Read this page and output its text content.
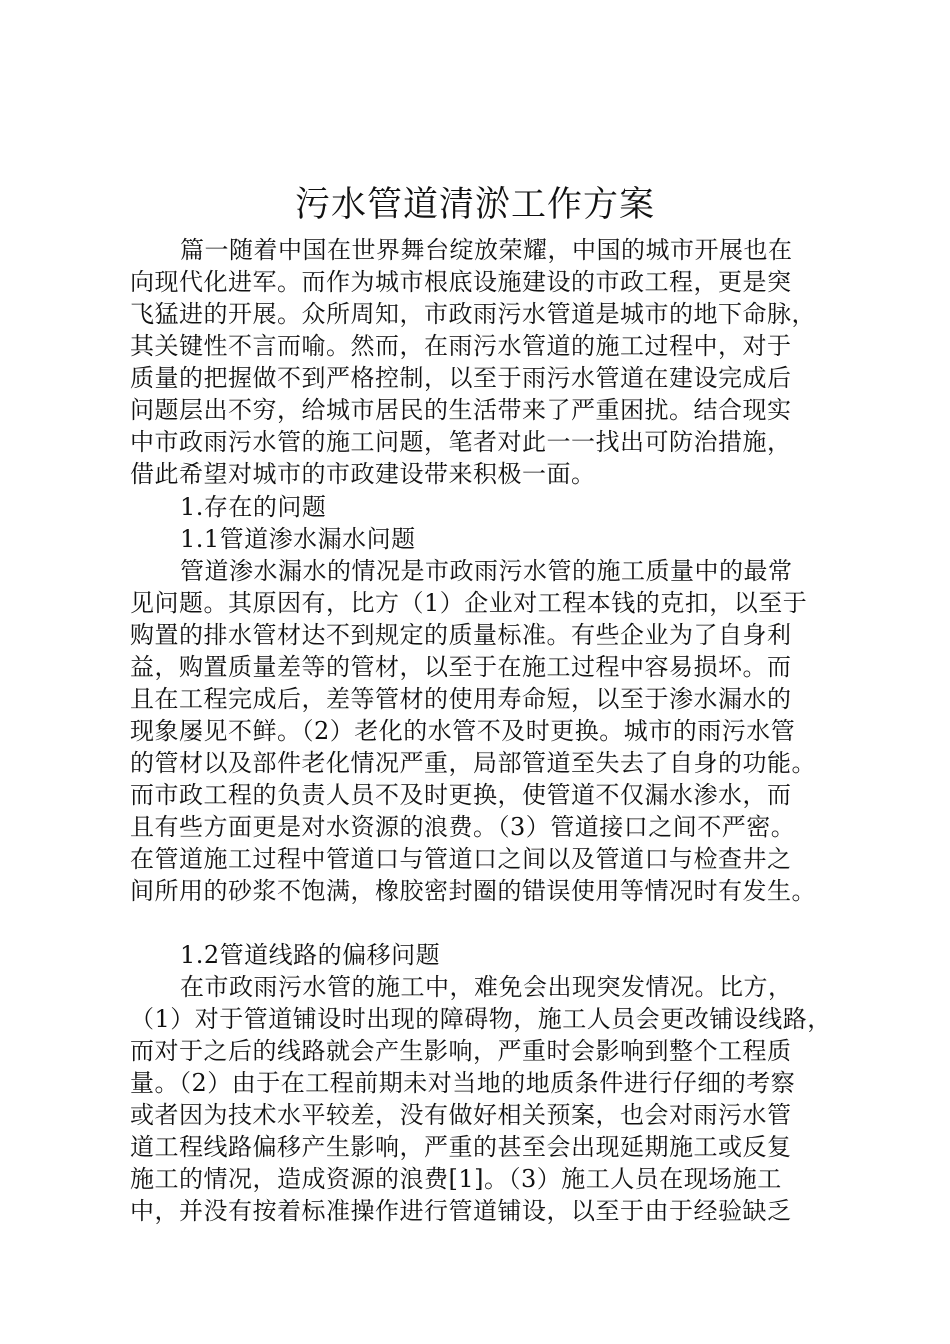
污水管道清淤工作方案
篇一随着中国在世界舞台绽放荣耀，中国的城市开展也在
向现代化进军。而作为城市根底设施建设的市政工程，更是突
飞猛进的开展。众所周知，市政雨污水管道是城市的地下命脉，
其关键性不言而喻。然而，在雨污水管道的施工过程中，对于
质量的把握做不到严格控制，以至于雨污水管道在建设完成后
问题层出不穷，给城市居民的生活带来了严重困扰。结合现实
中市政雨污水管的施工问题，笔者对此一一找出可防治措施，
借此希望对城市的市政建设带来积极一面。
1.存在的问题
1.1管道渗水漏水问题
管道渗水漏水的情况是市政雨污水管的施工质量中的最常
见问题。其原因有，比方（1）企业对工程本钱的克扣，以至于
购置的排水管材达不到规定的质量标准。有些企业为了自身利
益，购置质量差等的管材，以至于在施工过程中容易损坏。而
且在工程完成后，差等管材的使用寿命短，以至于渗水漏水的
现象屡见不鲜。（2）老化的水管不及时更换。城市的雨污水管
的管材以及部件老化情况严重，局部管道至失去了自身的功能。
而市政工程的负责人员不及时更换，使管道不仅漏水渗水，而
且有些方面更是对水资源的浪费。（3）管道接口之间不严密。
在管道施工过程中管道口与管道口之间以及管道口与检查井之
间所用的砂浆不饱满，橡胶密封圈的错误使用等情况时有发生。
1.2管道线路的偏移问题
在市政雨污水管的施工中，难免会出现突发情况。比方，
（1）对于管道铺设时出现的障碍物，施工人员会更改铺设线路，
而对于之后的线路就会产生影响，严重时会影响到整个工程质
量。（2）由于在工程前期未对当地的地质条件进行仔细的考察
或者因为技术水平较差，没有做好相关预案，也会对雨污水管
道工程线路偏移产生影响，严重的甚至会出现延期施工或反复
施工的情况，造成资源的浪费[1]。（3）施工人员在现场施工
中，并没有按着标准操作进行管道铺设，以至于由于经验缺乏
